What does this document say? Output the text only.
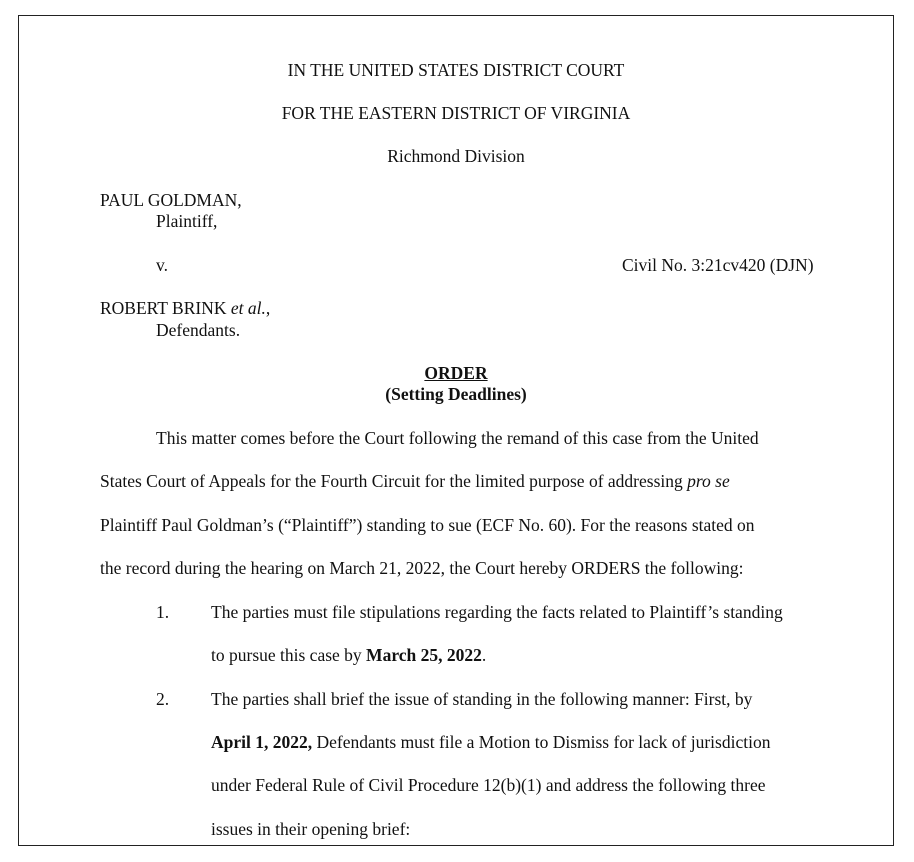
IN THE UNITED STATES DISTRICT COURT
FOR THE EASTERN DISTRICT OF VIRGINIA
Richmond Division
PAUL GOLDMAN,
Plaintiff,
v.	Civil No. 3:21cv420 (DJN)
ROBERT BRINK et al.,
Defendants.
ORDER
(Setting Deadlines)
This matter comes before the Court following the remand of this case from the United
States Court of Appeals for the Fourth Circuit for the limited purpose of addressing pro se
Plaintiff Paul Goldman’s (“Plaintiff”) standing to sue (ECF No. 60). For the reasons stated on
the record during the hearing on March 21, 2022, the Court hereby ORDERS the following:
1. The parties must file stipulations regarding the facts related to Plaintiff’s standing
to pursue this case by March 25, 2022.
2. The parties shall brief the issue of standing in the following manner: First, by
April 1, 2022, Defendants must file a Motion to Dismiss for lack of jurisdiction
under Federal Rule of Civil Procedure 12(b)(1) and address the following three
issues in their opening brief:
